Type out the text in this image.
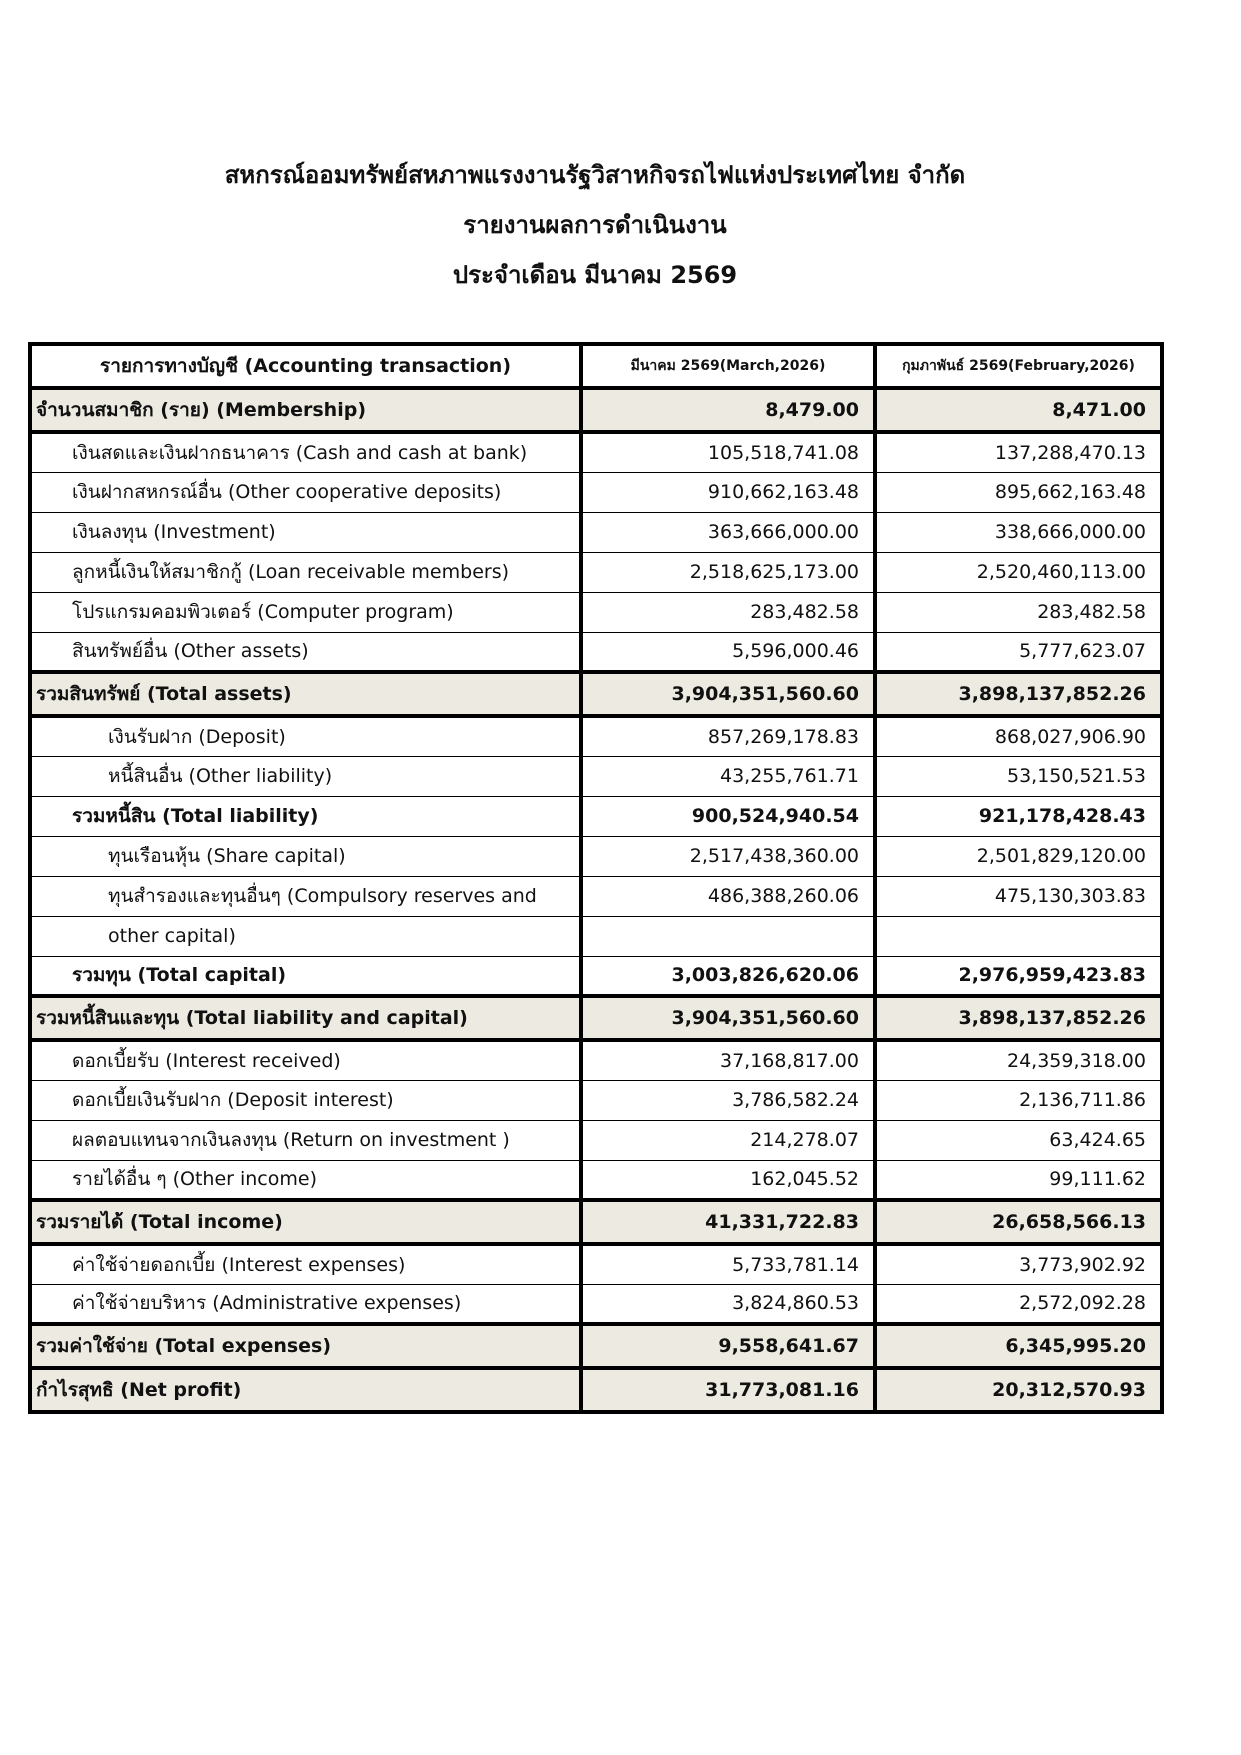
สหกรณ์ออมทรัพย์สหภาพแรงงานรัฐวิสาหกิจรถไฟแห่งประเทศไทย จำกัด
รายงานผลการดำเนินงาน
ประจำเดือน มีนาคม 2569
รายการทางบัญชี (Accounting transaction)	มีนาคม 2569(March,2026)	กุมภาพันธ์ 2569(February,2026)
จำนวนสมาชิก (ราย) (Membership)	8,479.00	8,471.00
เงินสดและเงินฝากธนาคาร (Cash and cash at bank)	105,518,741.08	137,288,470.13
เงินฝากสหกรณ์อื่น (Other cooperative deposits)	910,662,163.48	895,662,163.48
เงินลงทุน (Investment)	363,666,000.00	338,666,000.00
ลูกหนี้เงินให้สมาชิกกู้ (Loan receivable members)	2,518,625,173.00	2,520,460,113.00
โปรแกรมคอมพิวเตอร์ (Computer program)	283,482.58	283,482.58
สินทรัพย์อื่น (Other assets)	5,596,000.46	5,777,623.07
รวมสินทรัพย์ (Total assets)	3,904,351,560.60	3,898,137,852.26
เงินรับฝาก (Deposit)	857,269,178.83	868,027,906.90
หนี้สินอื่น (Other liability)	43,255,761.71	53,150,521.53
รวมหนี้สิน (Total liability)	900,524,940.54	921,178,428.43
ทุนเรือนหุ้น (Share capital)	2,517,438,360.00	2,501,829,120.00
ทุนสำรองและทุนอื่นๆ (Compulsory reserves and	486,388,260.06	475,130,303.83
other capital)		
รวมทุน (Total capital)	3,003,826,620.06	2,976,959,423.83
รวมหนี้สินและทุน (Total liability and capital)	3,904,351,560.60	3,898,137,852.26
ดอกเบี้ยรับ (Interest received)	37,168,817.00	24,359,318.00
ดอกเบี้ยเงินรับฝาก (Deposit interest)	3,786,582.24	2,136,711.86
ผลตอบแทนจากเงินลงทุน (Return on investment )	214,278.07	63,424.65
รายได้อื่น ๆ (Other income)	162,045.52	99,111.62
รวมรายได้ (Total income)	41,331,722.83	26,658,566.13
ค่าใช้จ่ายดอกเบี้ย (Interest expenses)	5,733,781.14	3,773,902.92
ค่าใช้จ่ายบริหาร (Administrative expenses)	3,824,860.53	2,572,092.28
รวมค่าใช้จ่าย (Total expenses)	9,558,641.67	6,345,995.20
กำไรสุทธิ (Net profit)	31,773,081.16	20,312,570.93
